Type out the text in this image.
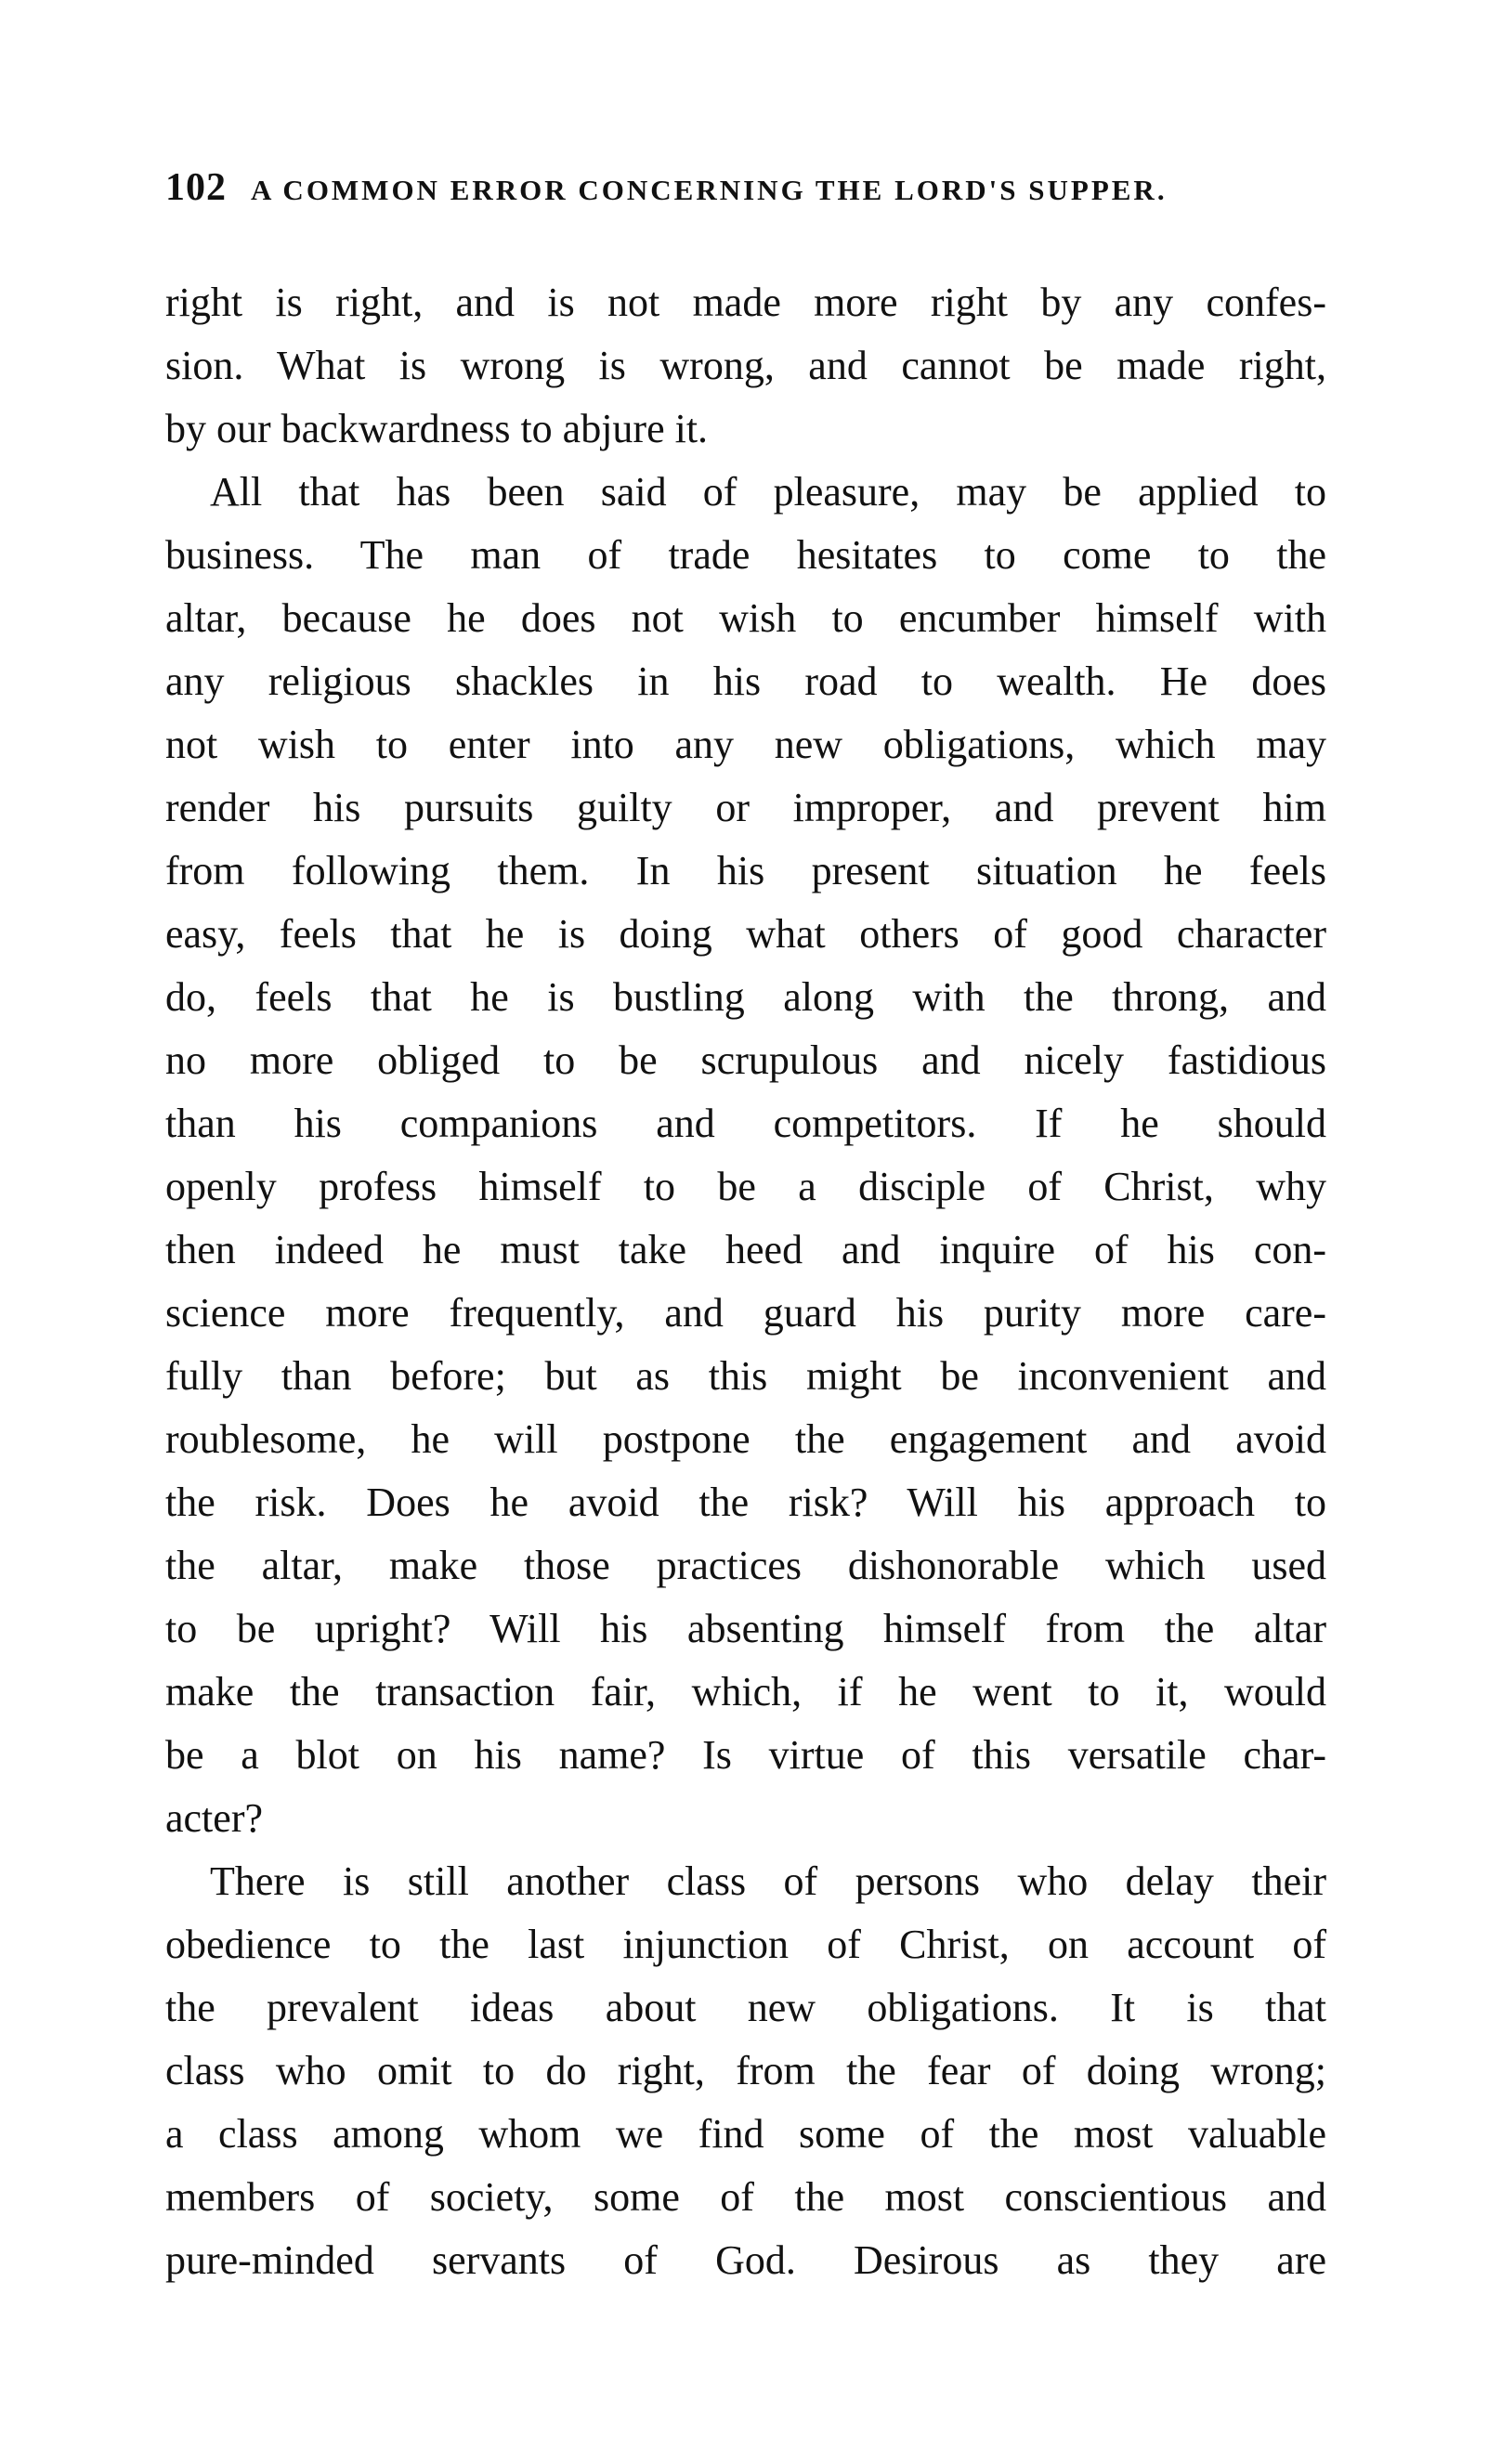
102 A COMMON ERROR CONCERNING THE LORD'S SUPPER.
right is right, and is not made more right by any confes-
sion. What is wrong is wrong, and cannot be made right,
by our backwardness to abjure it.
All that has been said of pleasure, may be applied to
business. The man of trade hesitates to come to the
altar, because he does not wish to encumber himself with
any religious shackles in his road to wealth. He does
not wish to enter into any new obligations, which may
render his pursuits guilty or improper, and prevent him
from following them. In his present situation he feels
easy, feels that he is doing what others of good character
do, feels that he is bustling along with the throng, and
no more obliged to be scrupulous and nicely fastidious
than his companions and competitors. If he should
openly profess himself to be a disciple of Christ, why
then indeed he must take heed and inquire of his con-
science more frequently, and guard his purity more care-
fully than before; but as this might be inconvenient and
roublesome, he will postpone the engagement and avoid
the risk. Does he avoid the risk? Will his approach to
the altar, make those practices dishonorable which used
to be upright? Will his absenting himself from the altar
make the transaction fair, which, if he went to it, would
be a blot on his name? Is virtue of this versatile char-
acter?
There is still another class of persons who delay their
obedience to the last injunction of Christ, on account of
the prevalent ideas about new obligations. It is that
class who omit to do right, from the fear of doing wrong;
a class among whom we find some of the most valuable
members of society, some of the most conscientious and
pure-minded servants of God. Desirous as they are
